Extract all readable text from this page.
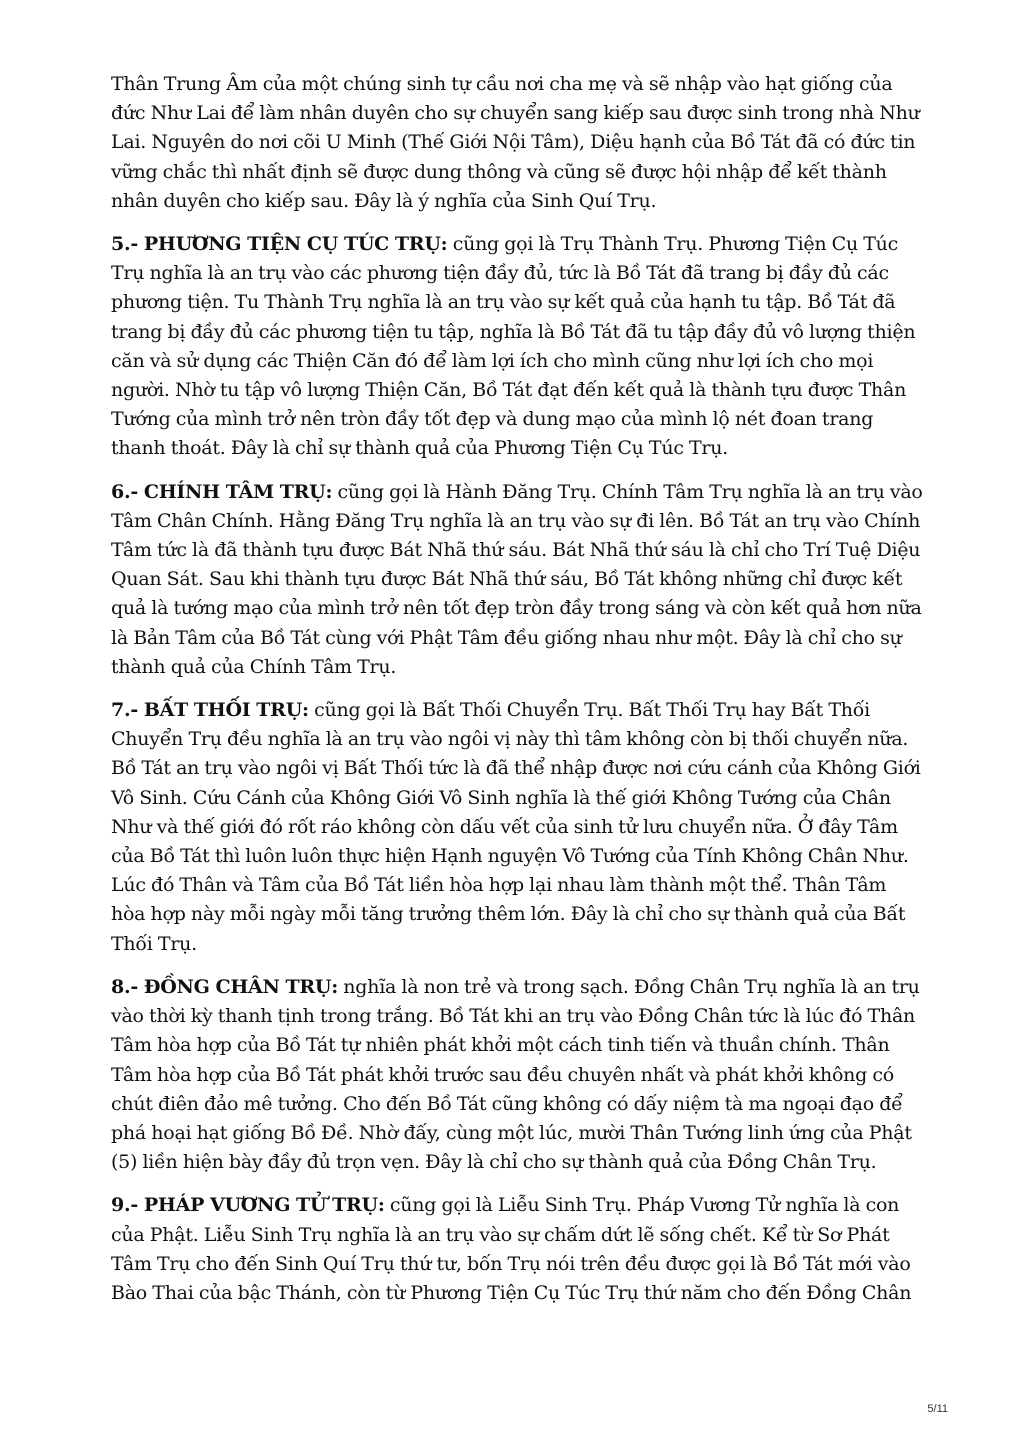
Thân Trung Âm của một chúng sinh tự cầu nơi cha mẹ và sẽ nhập vào hạt giống của đức Như Lai để làm nhân duyên cho sự chuyển sang kiếp sau được sinh trong nhà Như Lai. Nguyên do nơi cõi U Minh (Thế Giới Nội Tâm), Diệu hạnh của Bồ Tát đã có đức tin vững chắc thì nhất định sẽ được dung thông và cũng sẽ được hội nhập để kết thành nhân duyên cho kiếp sau. Đây là ý nghĩa của Sinh Quí Trụ.

5.- PHƯƠNG TIỆN CỤ TÚC TRỤ: cũng gọi là Trụ Thành Trụ. Phương Tiện Cụ Túc Trụ nghĩa là an trụ vào các phương tiện đầy đủ, tức là Bồ Tát đã trang bị đầy đủ các phương tiện. Tu Thành Trụ nghĩa là an trụ vào sự kết quả của hạnh tu tập. Bồ Tát đã trang bị đầy đủ các phương tiện tu tập, nghĩa là Bồ Tát đã tu tập đầy đủ vô lượng thiện căn và sử dụng các Thiện Căn đó để làm lợi ích cho mình cũng như lợi ích cho mọi người. Nhờ tu tập vô lượng Thiện Căn, Bồ Tát đạt đến kết quả là thành tựu được Thân Tướng của mình trở nên tròn đầy tốt đẹp và dung mạo của mình lộ nét đoan trang thanh thoát. Đây là chỉ sự thành quả của Phương Tiện Cụ Túc Trụ.

6.- CHÍNH TÂM TRỤ: cũng gọi là Hành Đăng Trụ. Chính Tâm Trụ nghĩa là an trụ vào Tâm Chân Chính. Hằng Đăng Trụ nghĩa là an trụ vào sự đi lên. Bồ Tát an trụ vào Chính Tâm tức là đã thành tựu được Bát Nhã thứ sáu. Bát Nhã thứ sáu là chỉ cho Trí Tuệ Diệu Quan Sát. Sau khi thành tựu được Bát Nhã thứ sáu, Bồ Tát không những chỉ được kết quả là tướng mạo của mình trở nên tốt đẹp tròn đầy trong sáng và còn kết quả hơn nữa là Bản Tâm của Bồ Tát cùng với Phật Tâm đều giống nhau như một. Đây là chỉ cho sự thành quả của Chính Tâm Trụ.

7.- BẤT THỐI TRỤ: cũng gọi là Bất Thối Chuyển Trụ. Bất Thối Trụ hay Bất Thối Chuyển Trụ đều nghĩa là an trụ vào ngôi vị này thì tâm không còn bị thối chuyển nữa. Bồ Tát an trụ vào ngôi vị Bất Thối tức là đã thể nhập được nơi cứu cánh của Không Giới Vô Sinh. Cứu Cánh của Không Giới Vô Sinh nghĩa là thế giới Không Tướng của Chân Như và thế giới đó rốt ráo không còn dấu vết của sinh tử lưu chuyển nữa. Ở đây Tâm của Bồ Tát thì luôn luôn thực hiện Hạnh nguyện Vô Tướng của Tính Không Chân Như. Lúc đó Thân và Tâm của Bồ Tát liền hòa hợp lại nhau làm thành một thể. Thân Tâm hòa hợp này mỗi ngày mỗi tăng trưởng thêm lớn. Đây là chỉ cho sự thành quả của Bất Thối Trụ.

8.- ĐỒNG CHÂN TRỤ: nghĩa là non trẻ và trong sạch. Đồng Chân Trụ nghĩa là an trụ vào thời kỳ thanh tịnh trong trắng. Bồ Tát khi an trụ vào Đồng Chân tức là lúc đó Thân Tâm hòa hợp của Bồ Tát tự nhiên phát khởi một cách tinh tiến và thuần chính. Thân Tâm hòa hợp của Bồ Tát phát khởi trước sau đều chuyên nhất và phát khởi không có chút điên đảo mê tưởng. Cho đến Bồ Tát cũng không có dấy niệm tà ma ngoại đạo để phá hoại hạt giống Bồ Đề. Nhờ đấy, cùng một lúc, mười Thân Tướng linh ứng của Phật (5) liền hiện bày đầy đủ trọn vẹn. Đây là chỉ cho sự thành quả của Đồng Chân Trụ.

9.- PHÁP VƯƠNG TỬ TRỤ: cũng gọi là Liễu Sinh Trụ. Pháp Vương Tử nghĩa là con của Phật. Liễu Sinh Trụ nghĩa là an trụ vào sự chấm dứt lẽ sống chết. Kể từ Sơ Phát Tâm Trụ cho đến Sinh Quí Trụ thứ tư, bốn Trụ nói trên đều được gọi là Bồ Tát mới vào Bào Thai của bậc Thánh, còn từ Phương Tiện Cụ Túc Trụ thứ năm cho đến Đồng Chân

5/11
